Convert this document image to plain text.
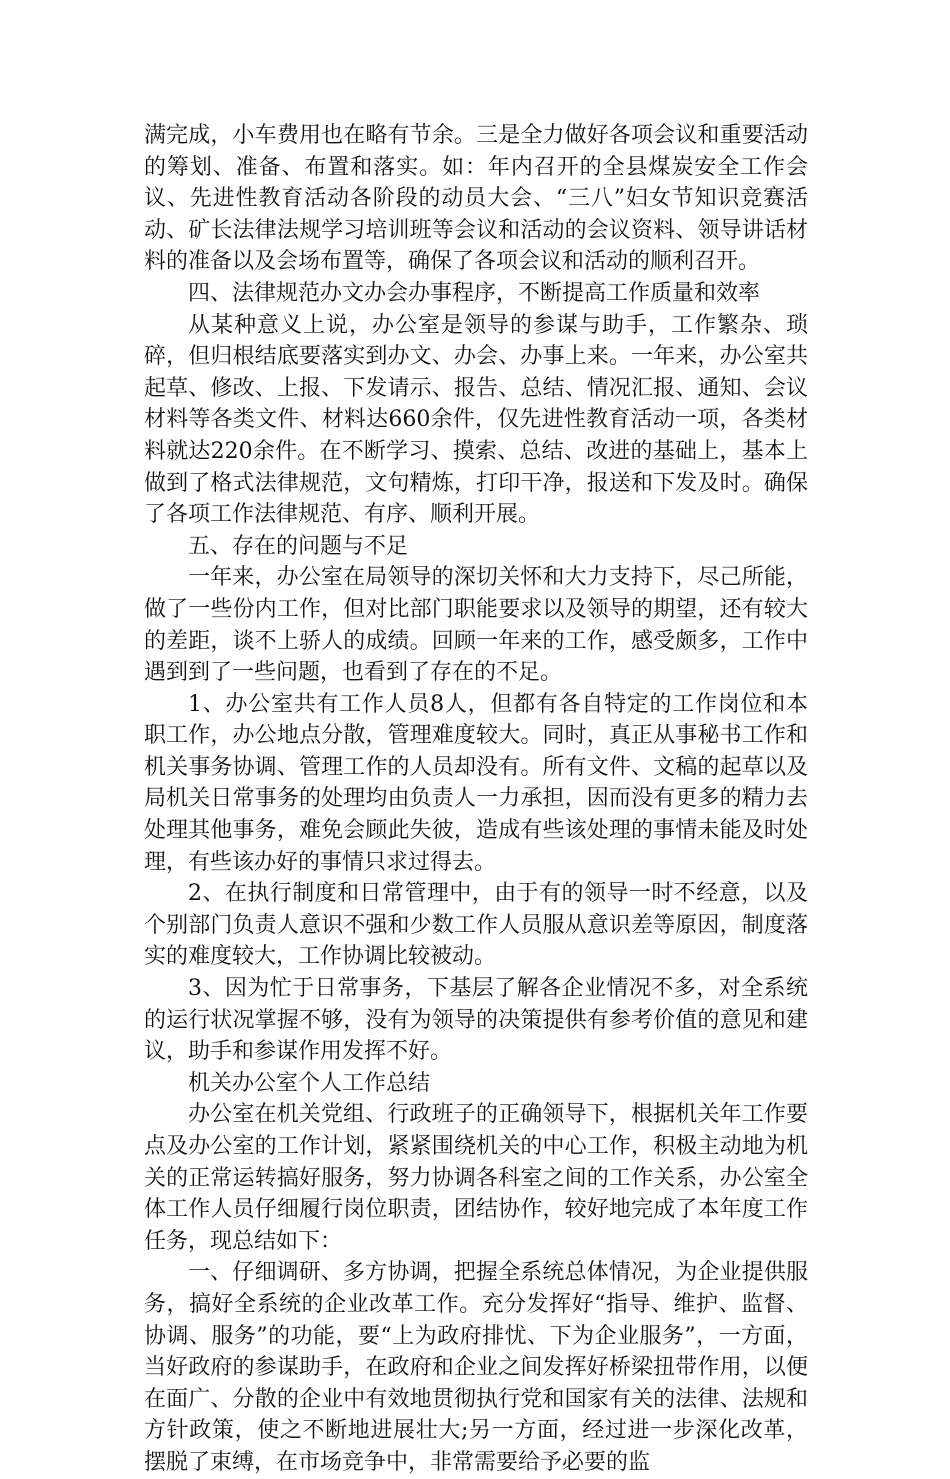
满完成，小车费用也在略有节余。三是全力做好各项会议和重要活动的筹划、准备、布置和落实。如：年内召开的全县煤炭安全工作会议、先进性教育活动各阶段的动员大会、“三八”妇女节知识竞赛活动、矿长法律法规学习培训班等会议和活动的会议资料、领导讲话材料的准备以及会场布置等，确保了各项会议和活动的顺利召开。

四、法律规范办文办会办事程序，不断提高工作质量和效率

从某种意义上说，办公室是领导的参谋与助手，工作繁杂、琐碎，但归根结底要落实到办文、办会、办事上来。一年来，办公室共起草、修改、上报、下发请示、报告、总结、情况汇报、通知、会议材料等各类文件、材料达660余件，仅先进性教育活动一项，各类材料就达220余件。在不断学习、摸索、总结、改进的基础上，基本上做到了格式法律规范，文句精炼，打印干净，报送和下发及时。确保了各项工作法律规范、有序、顺利开展。

五、存在的问题与不足

一年来，办公室在局领导的深切关怀和大力支持下，尽己所能，做了一些份内工作，但对比部门职能要求以及领导的期望，还有较大的差距，谈不上骄人的成绩。回顾一年来的工作，感受颇多，工作中遇到到了一些问题，也看到了存在的不足。

1、办公室共有工作人员8人，但都有各自特定的工作岗位和本职工作，办公地点分散，管理难度较大。同时，真正从事秘书工作和机关事务协调、管理工作的人员却没有。所有文件、文稿的起草以及局机关日常事务的处理均由负责人一力承担，因而没有更多的精力去处理其他事务，难免会顾此失彼，造成有些该处理的事情未能及时处理，有些该办好的事情只求过得去。

2、在执行制度和日常管理中，由于有的领导一时不经意，以及个别部门负责人意识不强和少数工作人员服从意识差等原因，制度落实的难度较大，工作协调比较被动。

3、因为忙于日常事务，下基层了解各企业情况不多，对全系统的运行状况掌握不够，没有为领导的决策提供有参考价值的意见和建议，助手和参谋作用发挥不好。

机关办公室个人工作总结

办公室在机关党组、行政班子的正确领导下，根据机关年工作要点及办公室的工作计划，紧紧围绕机关的中心工作，积极主动地为机关的正常运转搞好服务，努力协调各科室之间的工作关系，办公室全体工作人员仔细履行岗位职责，团结协作，较好地完成了本年度工作任务，现总结如下：

一、仔细调研、多方协调，把握全系统总体情况，为企业提供服务，搞好全系统的企业改革工作。充分发挥好“指导、维护、监督、协调、服务”的功能，要“上为政府排忧、下为企业服务”，一方面，当好政府的参谋助手，在政府和企业之间发挥好桥梁扭带作用，以便在面广、分散的企业中有效地贯彻执行党和国家有关的法律、法规和方针政策，使之不断地进展壮大;另一方面，经过进一步深化改革，摆脱了束缚，在市场竞争中，非常需要给予必要的监
